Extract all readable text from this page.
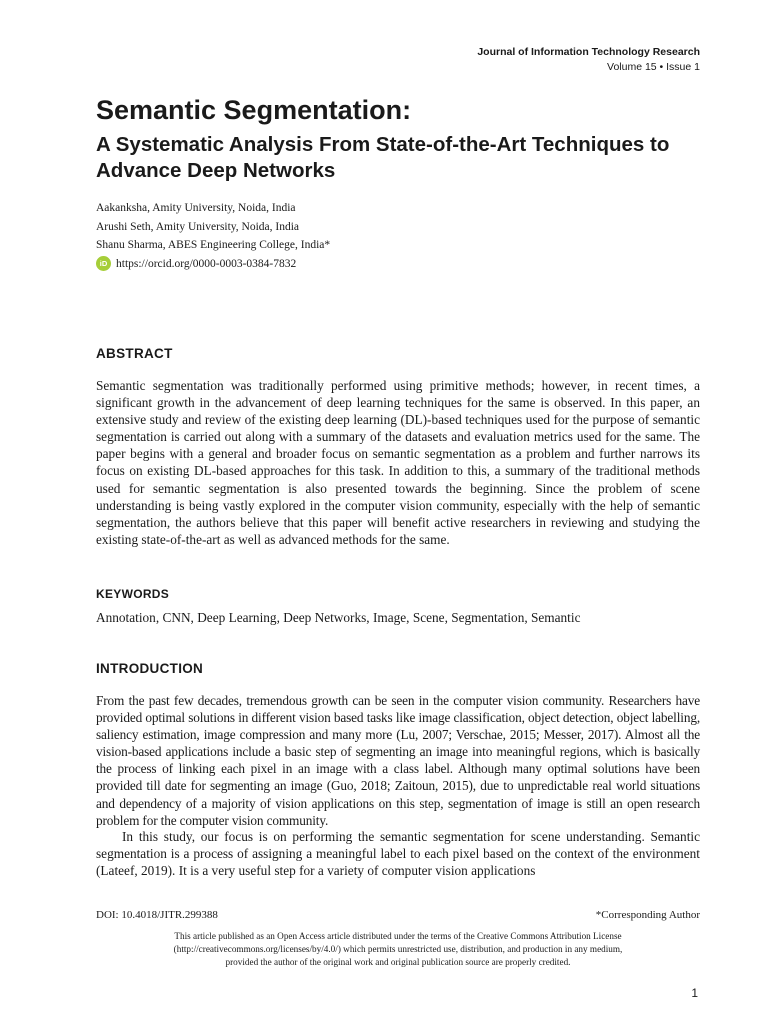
Journal of Information Technology Research
Volume 15 • Issue 1
Semantic Segmentation:
A Systematic Analysis From State-of-the-Art Techniques to Advance Deep Networks
Aakanksha, Amity University, Noida, India
Arushi Seth, Amity University, Noida, India
Shanu Sharma, ABES Engineering College, India*
iD https://orcid.org/0000-0003-0384-7832
ABSTRACT

Semantic segmentation was traditionally performed using primitive methods; however, in recent times, a significant growth in the advancement of deep learning techniques for the same is observed. In this paper, an extensive study and review of the existing deep learning (DL)-based techniques used for the purpose of semantic segmentation is carried out along with a summary of the datasets and evaluation metrics used for the same. The paper begins with a general and broader focus on semantic segmentation as a problem and further narrows its focus on existing DL-based approaches for this task. In addition to this, a summary of the traditional methods used for semantic segmentation is also presented towards the beginning. Since the problem of scene understanding is being vastly explored in the computer vision community, especially with the help of semantic segmentation, the authors believe that this paper will benefit active researchers in reviewing and studying the existing state-of-the-art as well as advanced methods for the same.

KEYWORDS

Annotation, CNN, Deep Learning, Deep Networks, Image, Scene, Segmentation, Semantic

INTRODUCTION

From the past few decades, tremendous growth can be seen in the computer vision community. Researchers have provided optimal solutions in different vision based tasks like image classification, object detection, object labelling, saliency estimation, image compression and many more (Lu, 2007; Verschae, 2015; Messer, 2017). Almost all the vision-based applications include a basic step of segmenting an image into meaningful regions, which is basically the process of linking each pixel in an image with a class label. Although many optimal solutions have been provided till date for segmenting an image (Guo, 2018; Zaitoun, 2015), due to unpredictable real world situations and dependency of a majority of vision applications on this step, segmentation of image is still an open research problem for the computer vision community.

In this study, our focus is on performing the semantic segmentation for scene understanding. Semantic segmentation is a process of assigning a meaningful label to each pixel based on the context of the environment (Lateef, 2019). It is a very useful step for a variety of computer vision applications

DOI: 10.4018/JITR.299388	*Corresponding Author
This article published as an Open Access article distributed under the terms of the Creative Commons Attribution License
(http://creativecommons.org/licenses/by/4.0/) which permits unrestricted use, distribution, and production in any medium,
provided the author of the original work and original publication source are properly credited.
1
